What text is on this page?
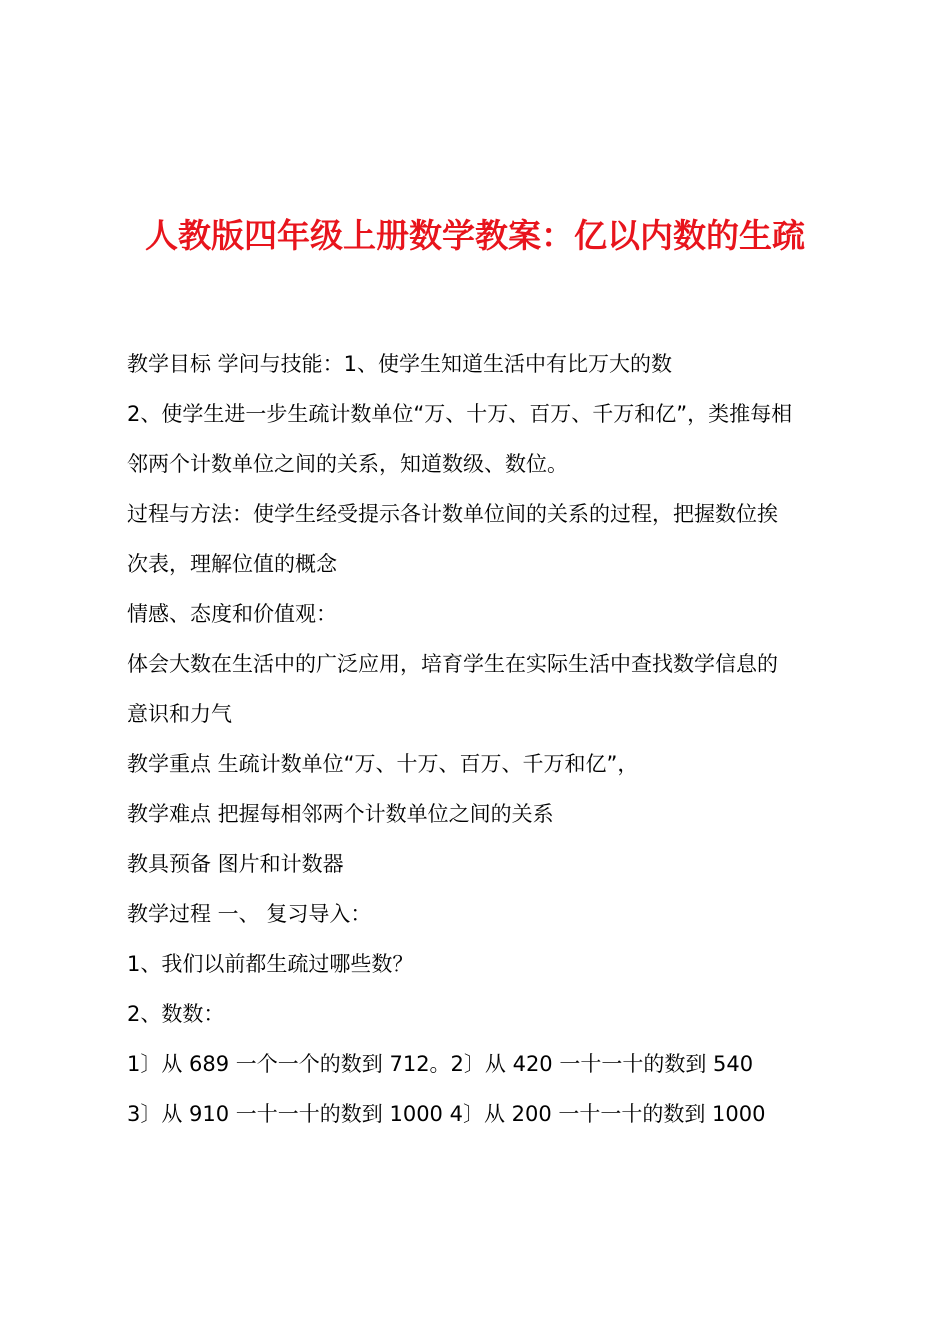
人教版四年级上册数学教案：亿以内数的生疏
教学目标 学问与技能：1、使学生知道生活中有比万大的数
2、使学生进一步生疏计数单位“万、十万、百万、千万和亿”，类推每相
邻两个计数单位之间的关系，知道数级、数位。
过程与方法：使学生经受提示各计数单位间的关系的过程，把握数位挨
次表，理解位值的概念
情感、态度和价值观：
体会大数在生活中的广泛应用，培育学生在实际生活中查找数学信息的
意识和力气
教学重点 生疏计数单位“万、十万、百万、千万和亿”，
教学难点 把握每相邻两个计数单位之间的关系
教具预备 图片和计数器
教学过程 一、 复习导入：
1、我们以前都生疏过哪些数？
2、数数：
1〕从 689 一个一个的数到 712。2〕从 420 一十一十的数到 540
3〕从 910 一十一十的数到 1000 4〕从 200 一十一十的数到 1000
